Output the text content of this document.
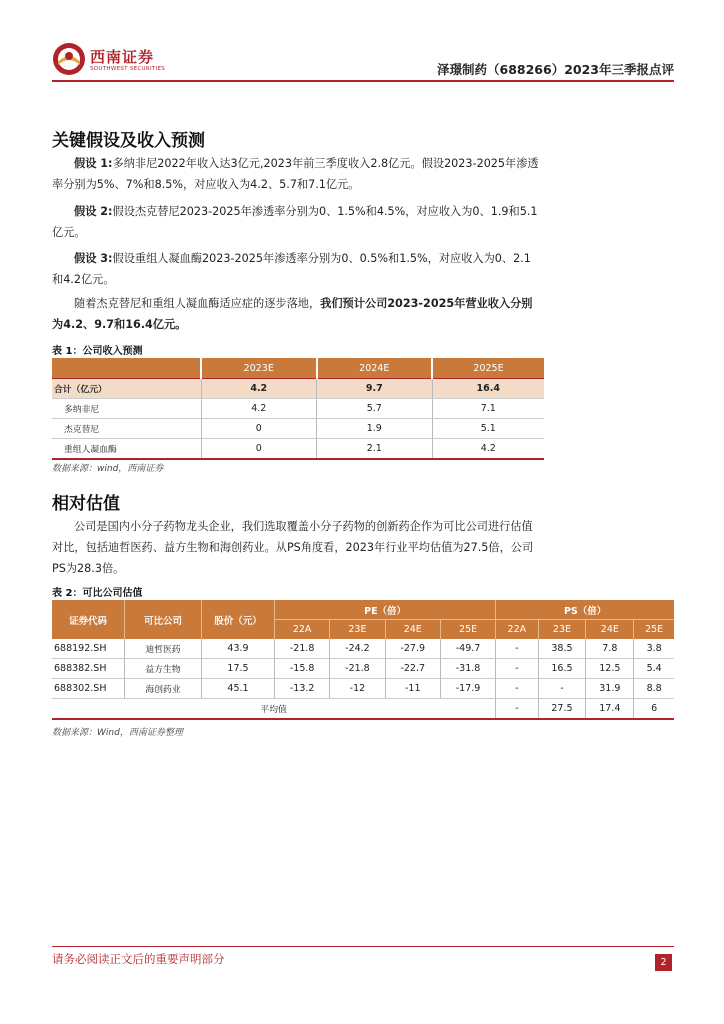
西南证券
SOUTHWEST SECURITIES	泽璟制药（688266）2023年三季报点评
关键假设及收入预测

假设 1:多纳非尼2022年收入达3亿元,2023年前三季度收入2.8亿元。假设2023-2025年渗透率分别为5%、7%和8.5%，对应收入为4.2、5.7和7.1亿元。

假设 2:假设杰克替尼2023-2025年渗透率分别为0、1.5%和4.5%，对应收入为0、1.9和5.1亿元。

假设 3:假设重组人凝血酶2023-2025年渗透率分别为0、0.5%和1.5%，对应收入为0、2.1和4.2亿元。

随着杰克替尼和重组人凝血酶适应症的逐步落地，我们预计公司2023-2025年营业收入分别为4.2、9.7和16.4亿元。

表 1：公司收入预测
	2023E	2024E	2025E
合计（亿元）	4.2	9.7	16.4
多纳非尼	4.2	5.7	7.1
杰克替尼	0	1.9	5.1
重组人凝血酶	0	2.1	4.2
数据来源：wind，西南证券
相对估值

公司是国内小分子药物龙头企业，我们选取覆盖小分子药物的创新药企作为可比公司进行估值对比，包括迪哲医药、益方生物和海创药业。从PS角度看，2023年行业平均估值为27.5倍，公司PS为28.3倍。

表 2：可比公司估值
证券代码	可比公司	股价（元）	PE（倍）				PS（倍）			
			22A	23E	24E	25E	22A	23E	24E	25E
688192.SH	迪哲医药	43.9	-21.8	-24.2	-27.9	-49.7	-	38.5	7.8	3.8
688382.SH	益方生物	17.5	-15.8	-21.8	-22.7	-31.8	-	16.5	12.5	5.4
688302.SH	海创药业	45.1	-13.2	-12	-11	-17.9	-	-	31.9	8.8
平均值							-	27.5	17.4	6
数据来源：Wind，西南证券整理
请务必阅读正文后的重要声明部分	2
